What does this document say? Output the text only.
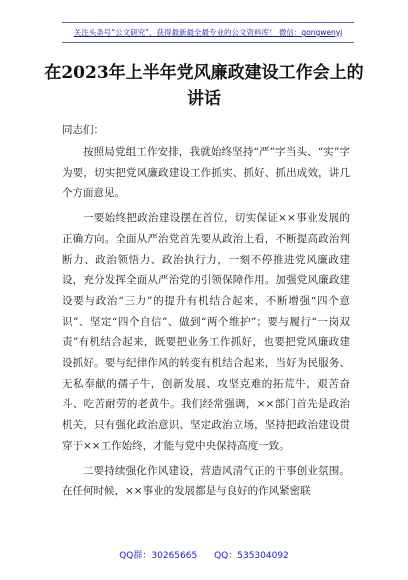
关注头条号“公文研究”，获得最新最全最专业的公文资料库！ 微信：gongwenyj
在2023年上半年党风廉政建设工作会上的讲话
同志们：

按照局党组工作安排，我就始终坚持“严”字当头、“实”字为要，切实把党风廉政建设工作抓实、抓好、抓出成效，讲几个方面意见。

一要始终把政治建设摆在首位，切实保证××事业发展的正确方向。全面从严治党首先要从政治上看，不断提高政治判断力、政治领悟力、政治执行力，一刻不停推进党风廉政建设，充分发挥全面从严治党的引领保障作用。加强党风廉政建设要与政治“三力”的提升有机结合起来，不断增强“四个意识”、坚定“四个自信”、做到“两个维护”；要与履行“一岗双责”有机结合起来，既要把业务工作抓好，也要把党风廉政建设抓好。要与纪律作风的转变有机结合起来，当好为民服务、无私奉献的孺子牛，创新发展、攻坚克难的拓荒牛，艰苦奋斗、吃苦耐劳的老黄牛。我们经常强调，××部门首先是政治机关，只有强化政治意识、坚定政治立场，坚持把政治建设贯穿于××工作始终，才能与党中央保持高度一致。

二要持续强化作风建设，营造风清气正的干事创业氛围。在任何时候，××事业的发展都是与良好的作风紧密联

QQ群：30265665 QQ：535304092
